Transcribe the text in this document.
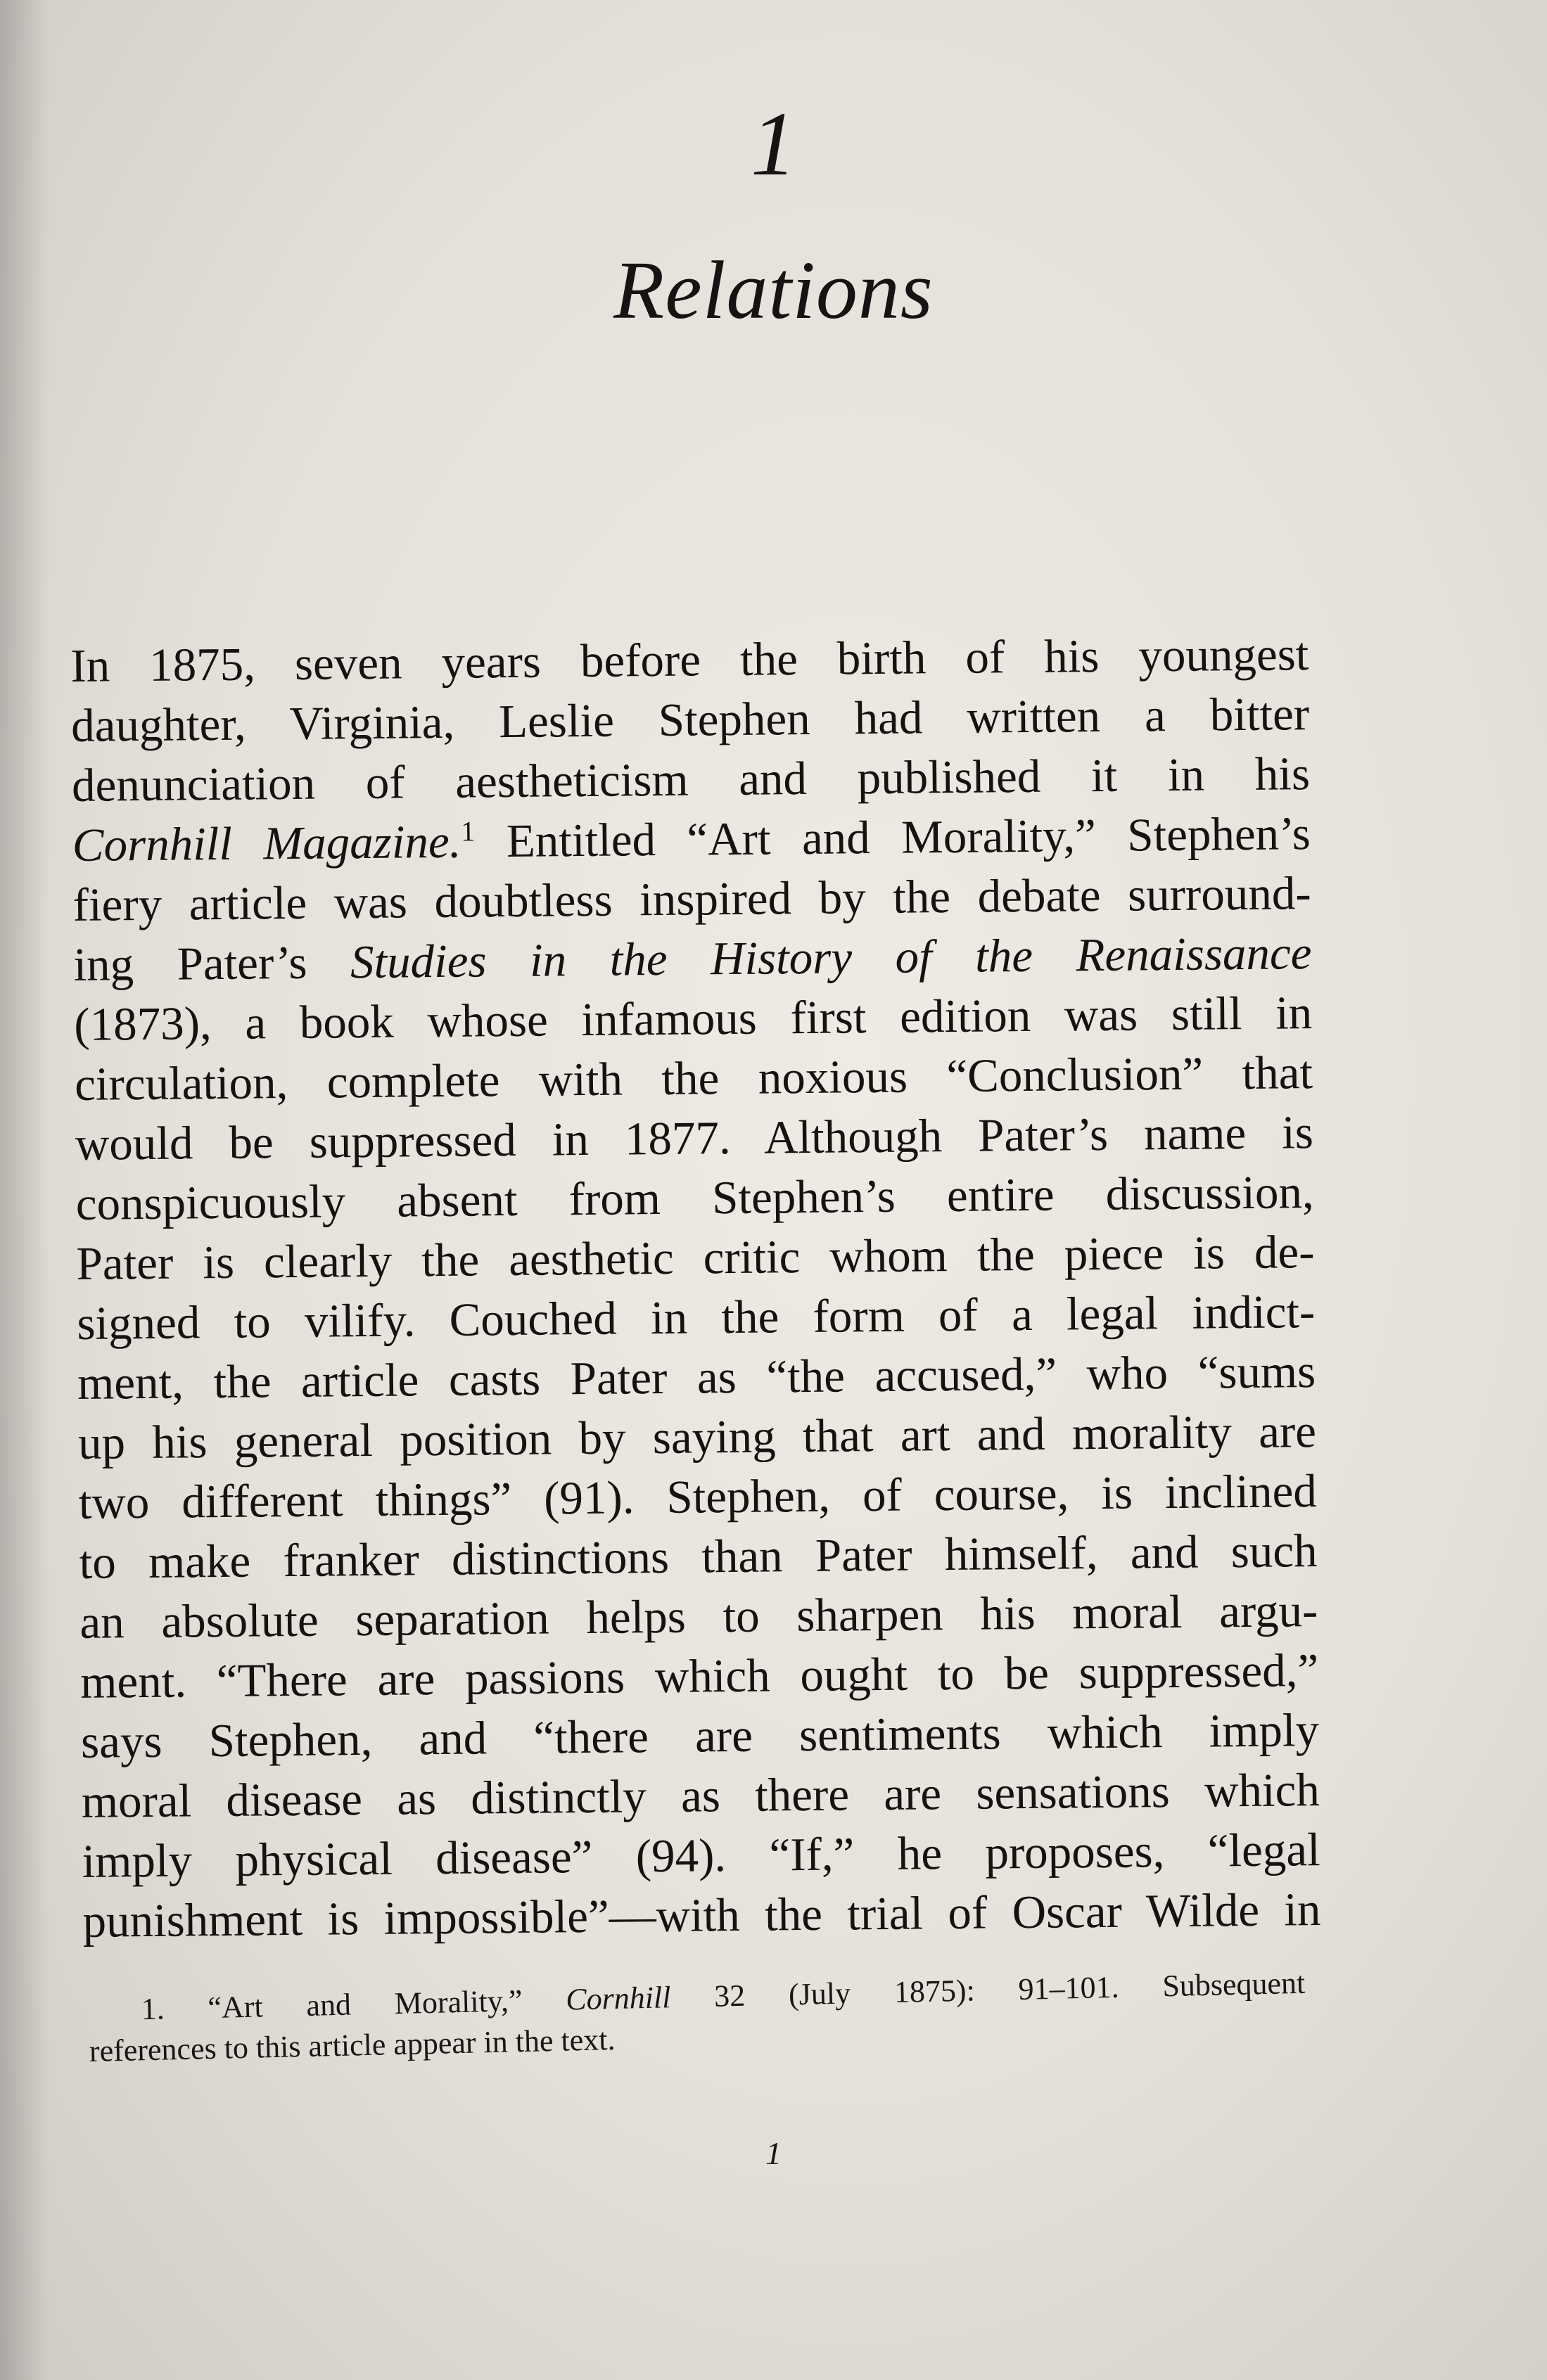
1
Relations
In 1875, seven years before the birth of his youngest
daughter, Virginia, Leslie Stephen had written a bitter
denunciation of aestheticism and published it in his
Cornhill Magazine.$^1$ Entitled “Art and Morality,” Stephen’s
fiery article was doubtless inspired by the debate surround-
ing Pater’s Studies in the History of the Renaissance
(1873), a book whose infamous first edition was still in
circulation, complete with the noxious “Conclusion” that
would be suppressed in 1877. Although Pater’s name is
conspicuously absent from Stephen’s entire discussion,
Pater is clearly the aesthetic critic whom the piece is de-
signed to vilify. Couched in the form of a legal indict-
ment, the article casts Pater as “the accused,” who “sums
up his general position by saying that art and morality are
two different things” (91). Stephen, of course, is inclined
to make franker distinctions than Pater himself, and such
an absolute separation helps to sharpen his moral argu-
ment. “There are passions which ought to be suppressed,”
says Stephen, and “there are sentiments which imply
moral disease as distinctly as there are sensations which
imply physical disease” (94). “If,” he proposes, “legal
punishment is impossible”—with the trial of Oscar Wilde in
1. “Art and Morality,” Cornhill 32 (July 1875): 91–101. Subsequent
references to this article appear in the text.
1
